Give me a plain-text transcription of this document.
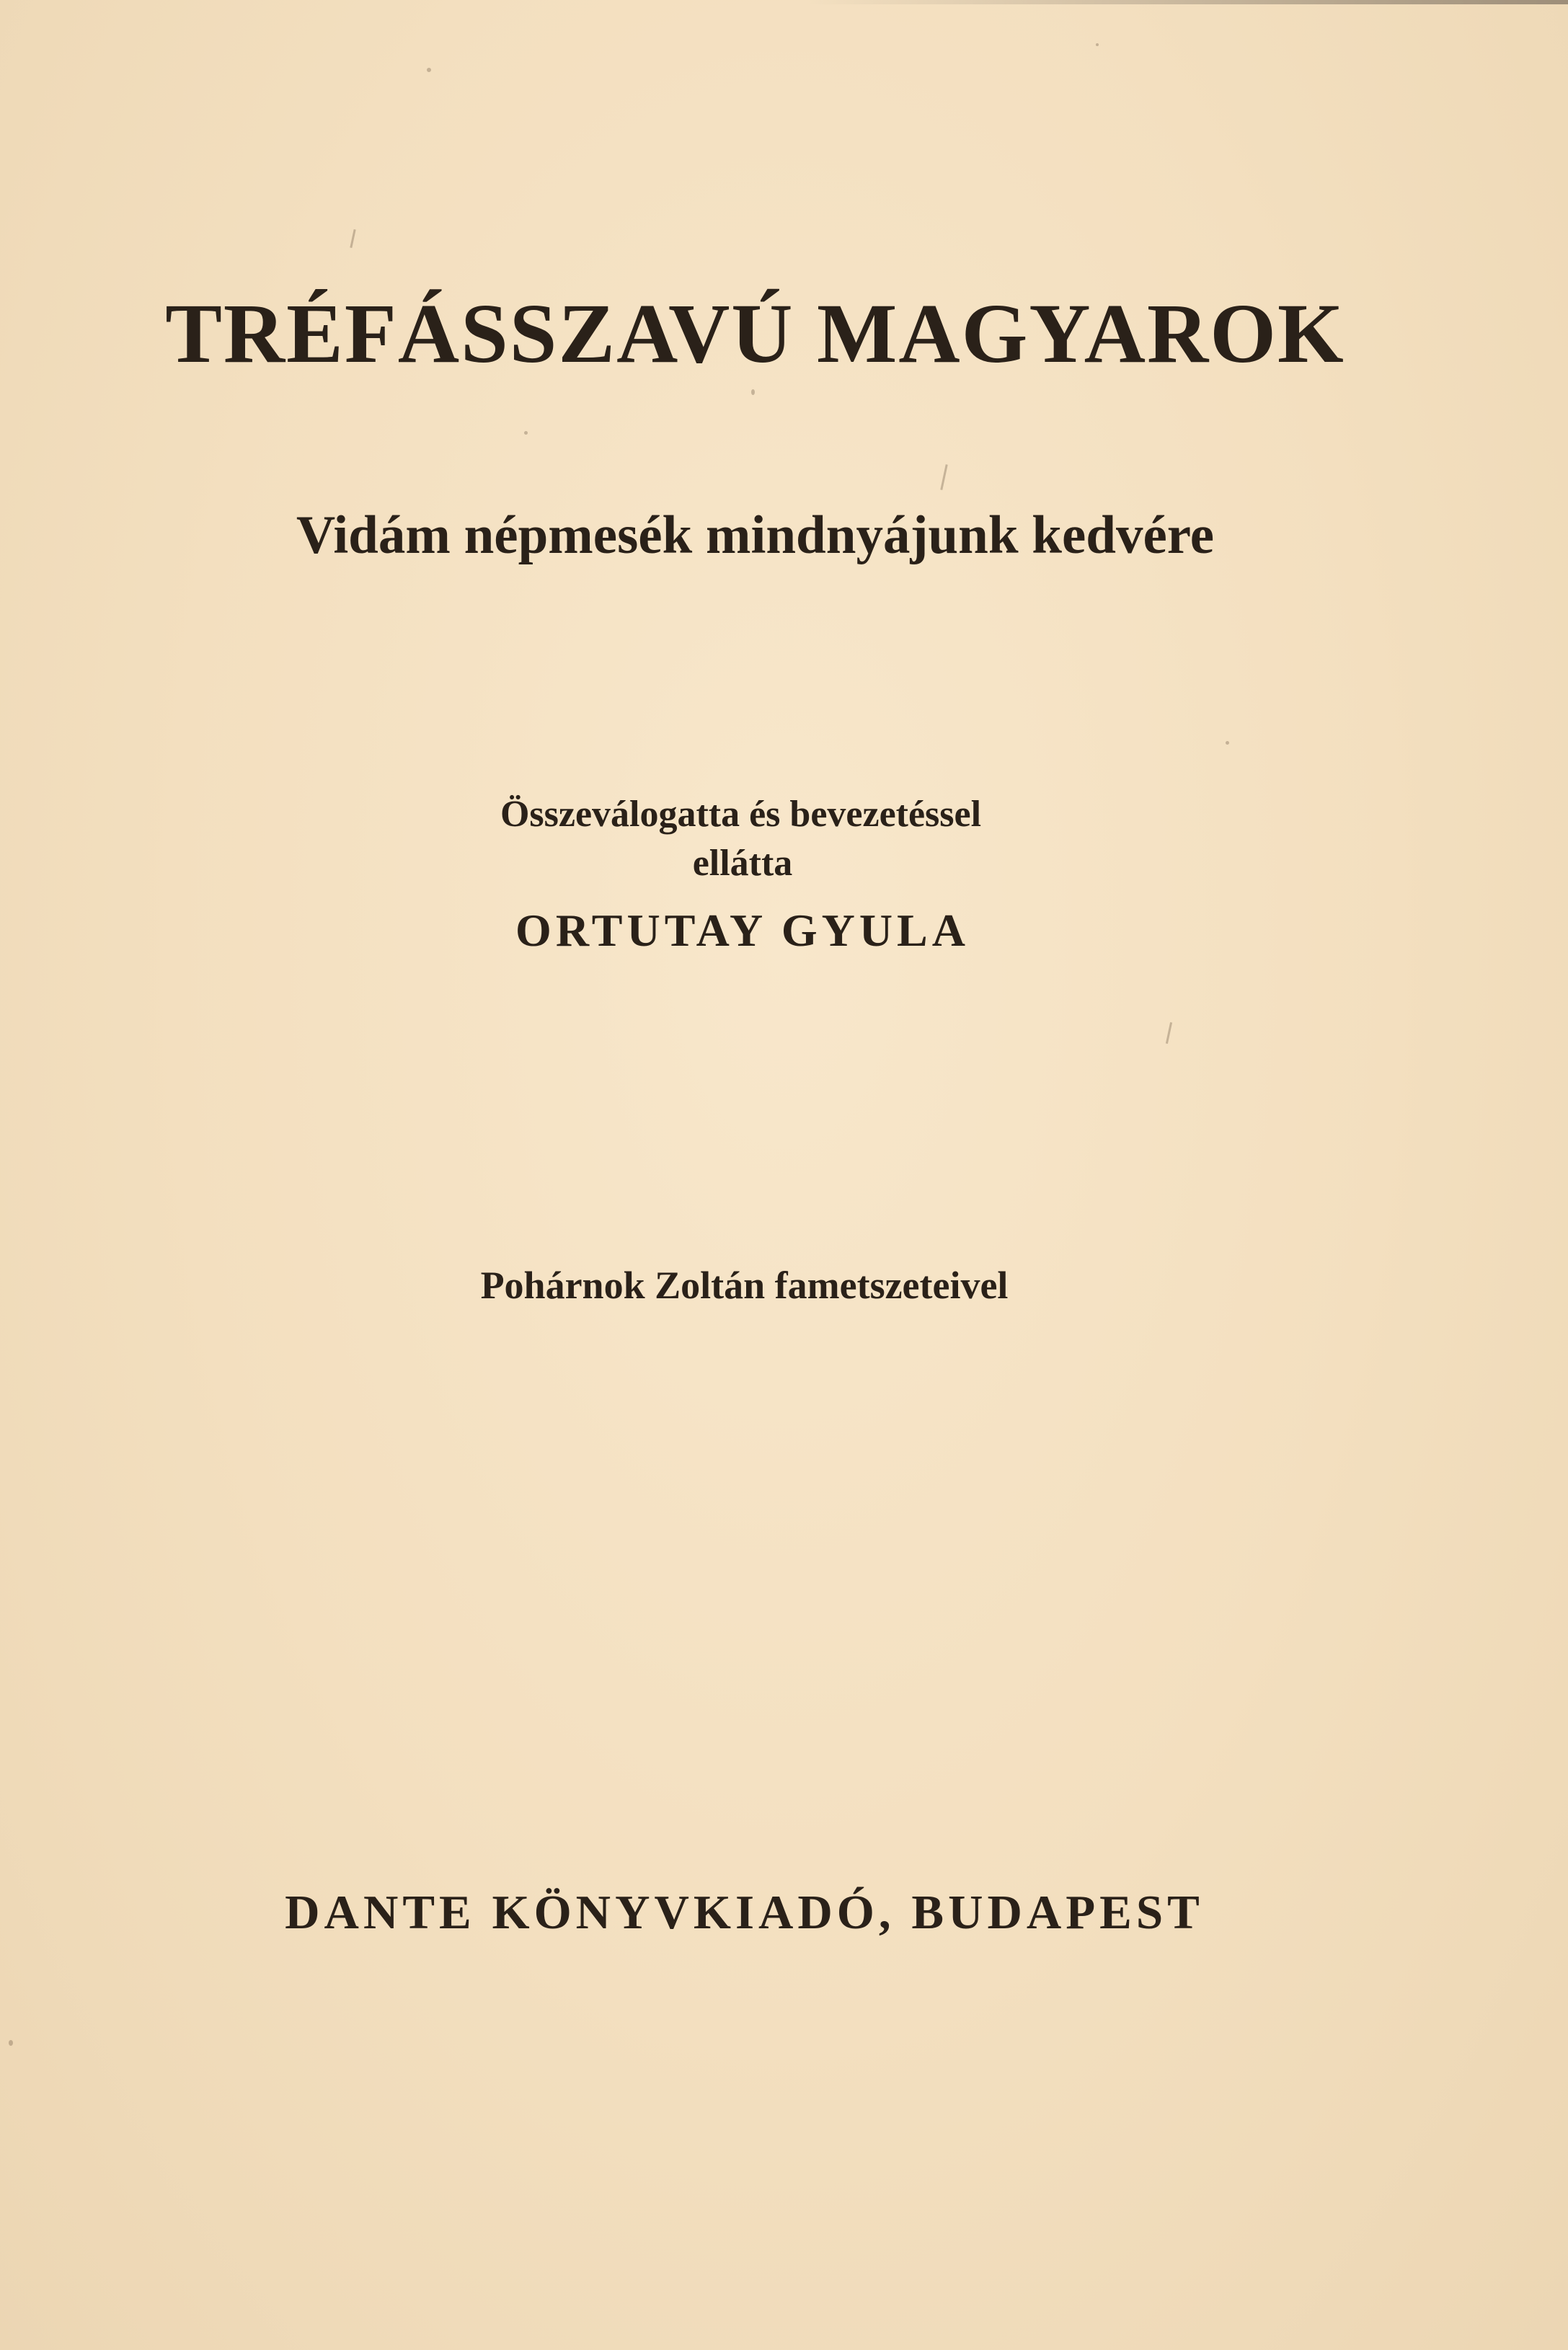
TRÉFÁSSZAVÚ MAGYAROK
Vidám népmesék mindnyájunk kedvére
Összeválogatta és bevezetéssel
ellátta
ORTUTAY GYULA
Pohárnok Zoltán fametszeteivel
DANTE KÖNYVKIADÓ, BUDAPEST
